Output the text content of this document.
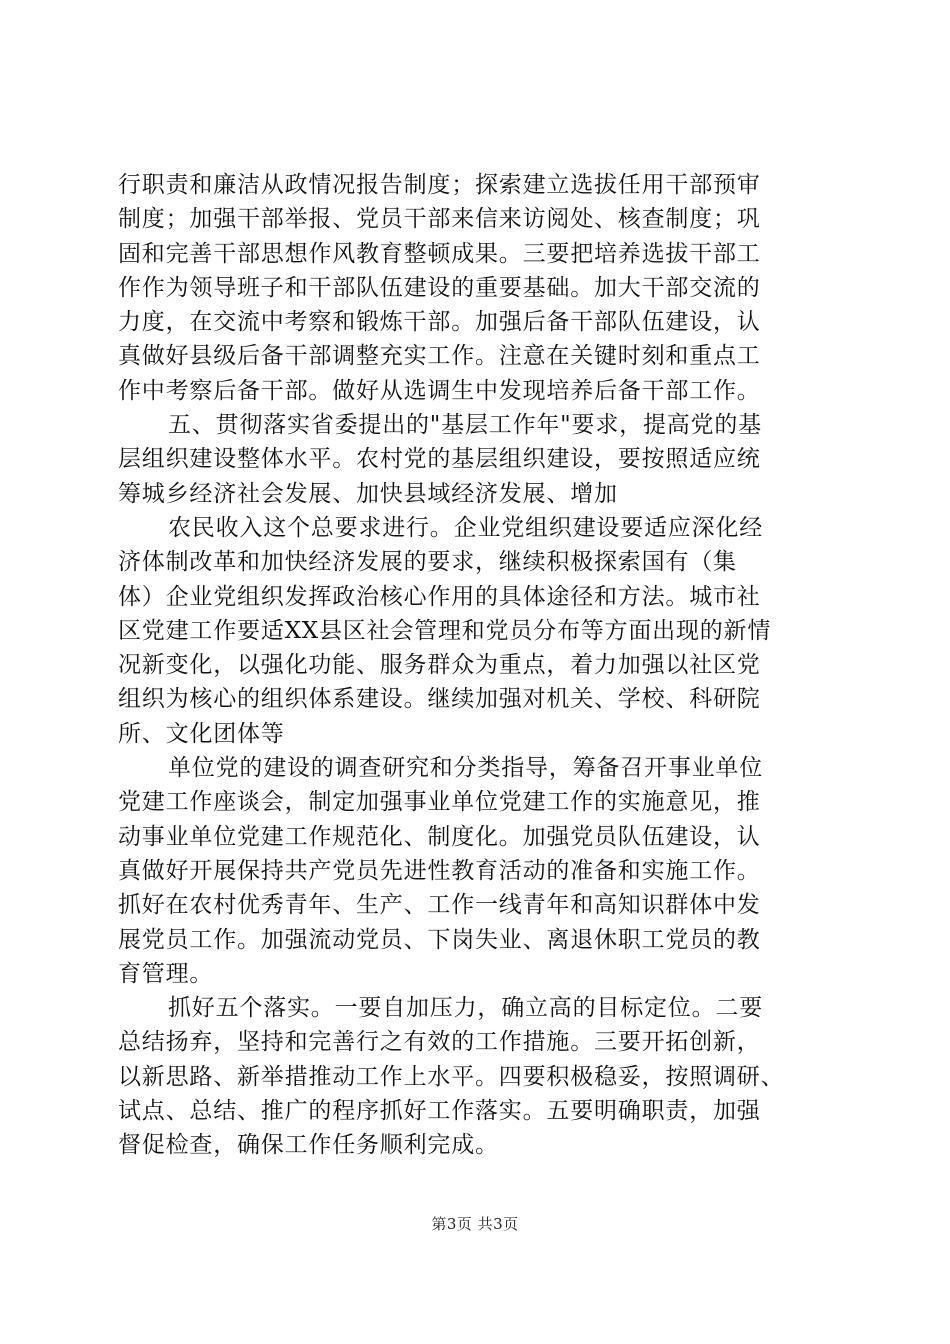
行职责和廉洁从政情况报告制度；探索建立选拔任用干部预审
制度；加强干部举报、党员干部来信来访阅处、核查制度；巩
固和完善干部思想作风教育整顿成果。三要把培养选拔干部工
作作为领导班子和干部队伍建设的重要基础。加大干部交流的
力度，在交流中考察和锻炼干部。加强后备干部队伍建设，认
真做好县级后备干部调整充实工作。注意在关键时刻和重点工
作中考察后备干部。做好从选调生中发现培养后备干部工作。
五、贯彻落实省委提出的"基层工作年"要求，提高党的基
层组织建设整体水平。农村党的基层组织建设，要按照适应统
筹城乡经济社会发展、加快县域经济发展、增加
农民收入这个总要求进行。企业党组织建设要适应深化经
济体制改革和加快经济发展的要求，继续积极探索国有（集
体）企业党组织发挥政治核心作用的具体途径和方法。城市社
区党建工作要适XX县区社会管理和党员分布等方面出现的新情
况新变化，以强化功能、服务群众为重点，着力加强以社区党
组织为核心的组织体系建设。继续加强对机关、学校、科研院
所、文化团体等
单位党的建设的调查研究和分类指导，筹备召开事业单位
党建工作座谈会，制定加强事业单位党建工作的实施意见，推
动事业单位党建工作规范化、制度化。加强党员队伍建设，认
真做好开展保持共产党员先进性教育活动的准备和实施工作。
抓好在农村优秀青年、生产、工作一线青年和高知识群体中发
展党员工作。加强流动党员、下岗失业、离退休职工党员的教
育管理。
抓好五个落实。一要自加压力，确立高的目标定位。二要
总结扬弃，坚持和完善行之有效的工作措施。三要开拓创新，
以新思路、新举措推动工作上水平。四要积极稳妥，按照调研、
试点、总结、推广的程序抓好工作落实。五要明确职责，加强
督促检查，确保工作任务顺利完成。
第3页 共3页
